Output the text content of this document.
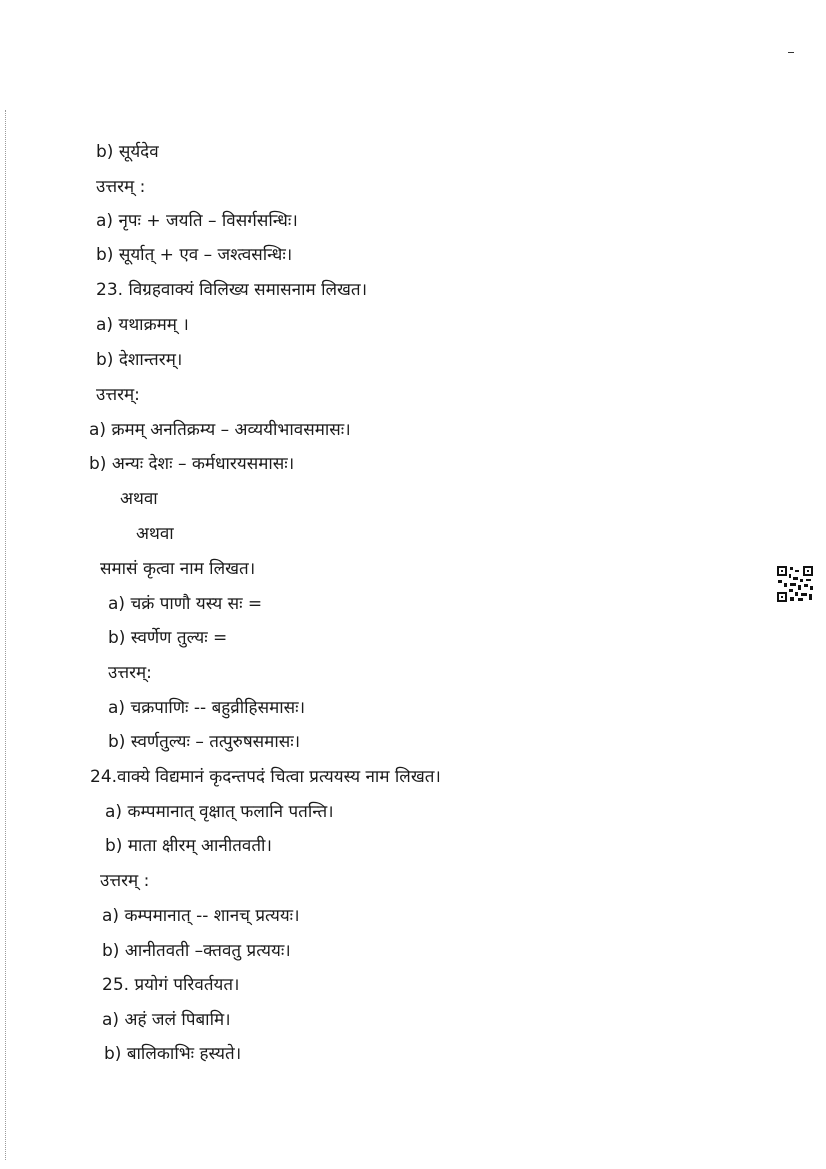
b) सूर्यदेव
उत्तरम् :
a) नृपः + जयति – विसर्गसन्धिः।
b) सूर्यात् + एव – जश्त्वसन्धिः।
23. विग्रहवाक्यं विलिख्य समासनाम लिखत।
a) यथाक्रमम् ।
b) देशान्तरम्।
उत्तरम्:
a) क्रमम् अनतिक्रम्य – अव्ययीभावसमासः।
b) अन्यः देशः – कर्मधारयसमासः।
अथवा
अथवा
समासं कृत्वा नाम लिखत।
a) चक्रं पाणौ यस्य सः =
b) स्वर्णेण तुल्यः =
उत्तरम्:
a) चक्रपाणिः -- बहुव्रीहिसमासः।
b) स्वर्णतुल्यः – तत्पुरुषसमासः।
24.वाक्ये विद्यमानं कृदन्तपदं चित्वा प्रत्ययस्य नाम लिखत।
a) कम्पमानात् वृक्षात् फलानि पतन्ति।
b) माता क्षीरम् आनीतवती।
उत्तरम् :
a) कम्पमानात् -- शानच् प्रत्ययः।
b) आनीतवती –क्तवतु प्रत्ययः।
25. प्रयोगं परिवर्तयत।
a) अहं जलं पिबामि।
b) बालिकाभिः हस्यते।
